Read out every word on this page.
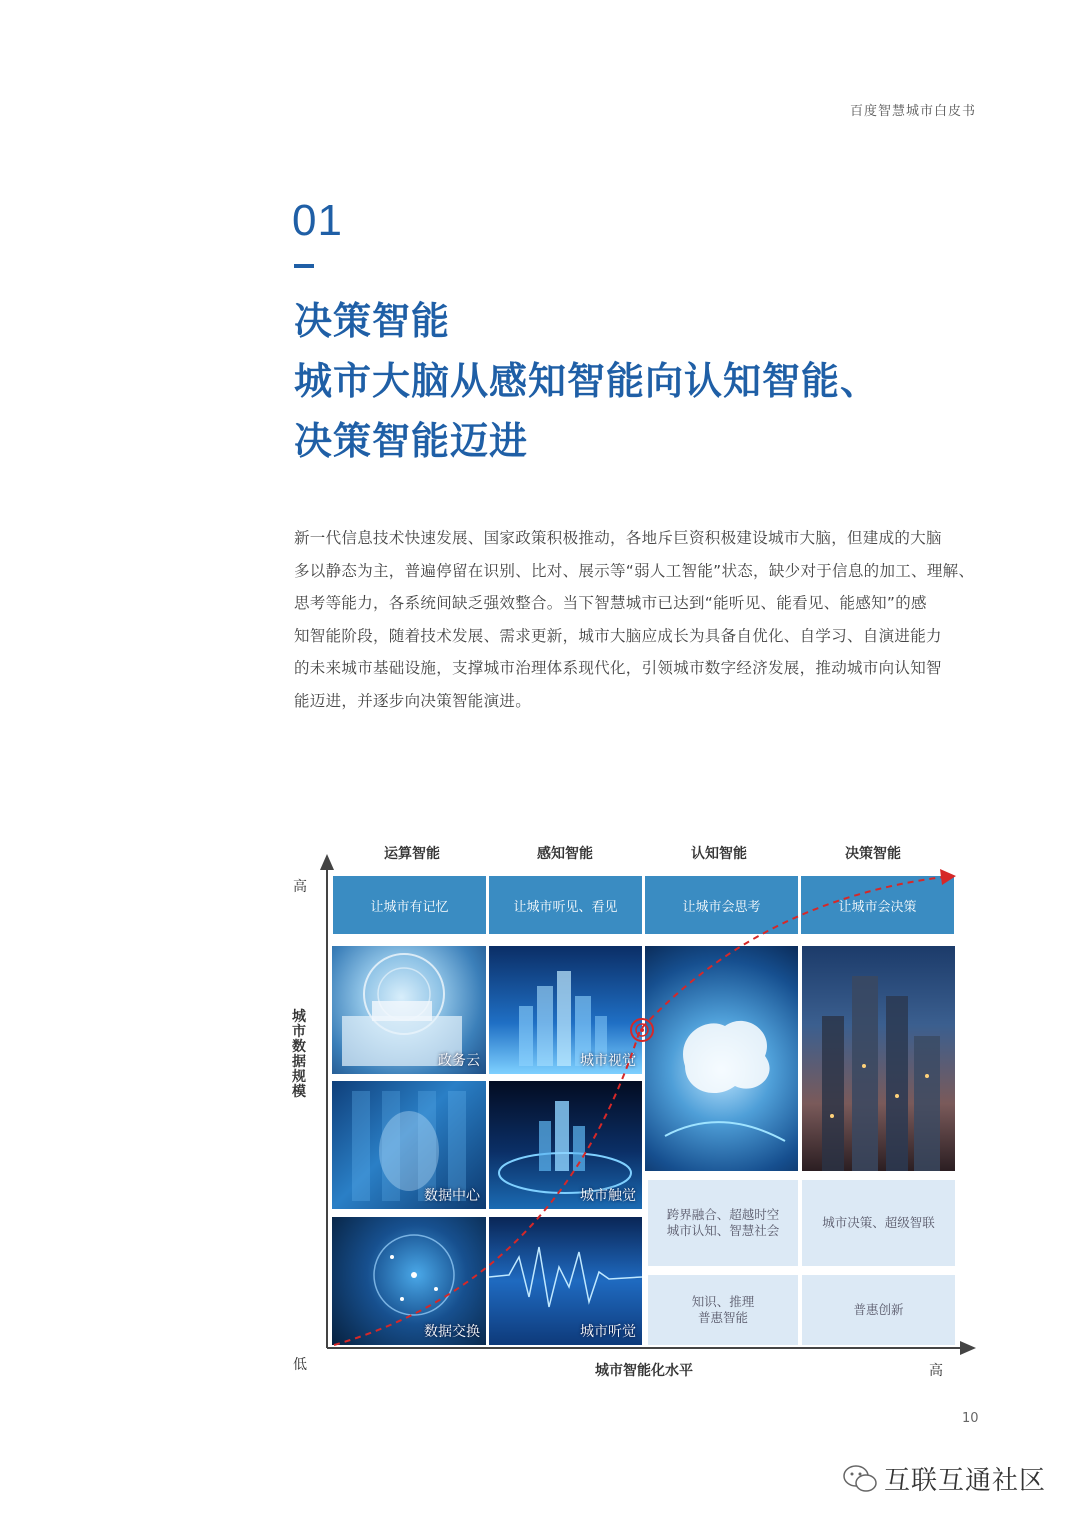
百度智慧城市白皮书
01
决策智能
城市大脑从感知智能向认知智能、
决策智能迈进
新一代信息技术快速发展、国家政策积极推动，各地斥巨资积极建设城市大脑，但建成的大脑
多以静态为主，普遍停留在识别、比对、展示等“弱人工智能”状态，缺少对于信息的加工、理解、
思考等能力，各系统间缺乏强效整合。当下智慧城市已达到“能听见、能看见、能感知”的感
知智能阶段，随着技术发展、需求更新，城市大脑应成长为具备自优化、自学习、自演进能力
的未来城市基础设施，支撑城市治理体系现代化，引领城市数字经济发展，推动城市向认知智
能迈进，并逐步向决策智能演进。
运算智能	感知智能	认知智能	决策智能
让城市有记忆	让城市听见、看见	让城市会思考	让城市会决策
政务云
数据中心
数据交换
城市视觉
城市触觉
城市听觉
跨界融合、超越时空
城市认知、智慧社会
知识、推理
普惠智能
城市决策、超级智联
普惠创新
高
城市数据规模
低	城市智能化水平	高
10
互联互通社区
